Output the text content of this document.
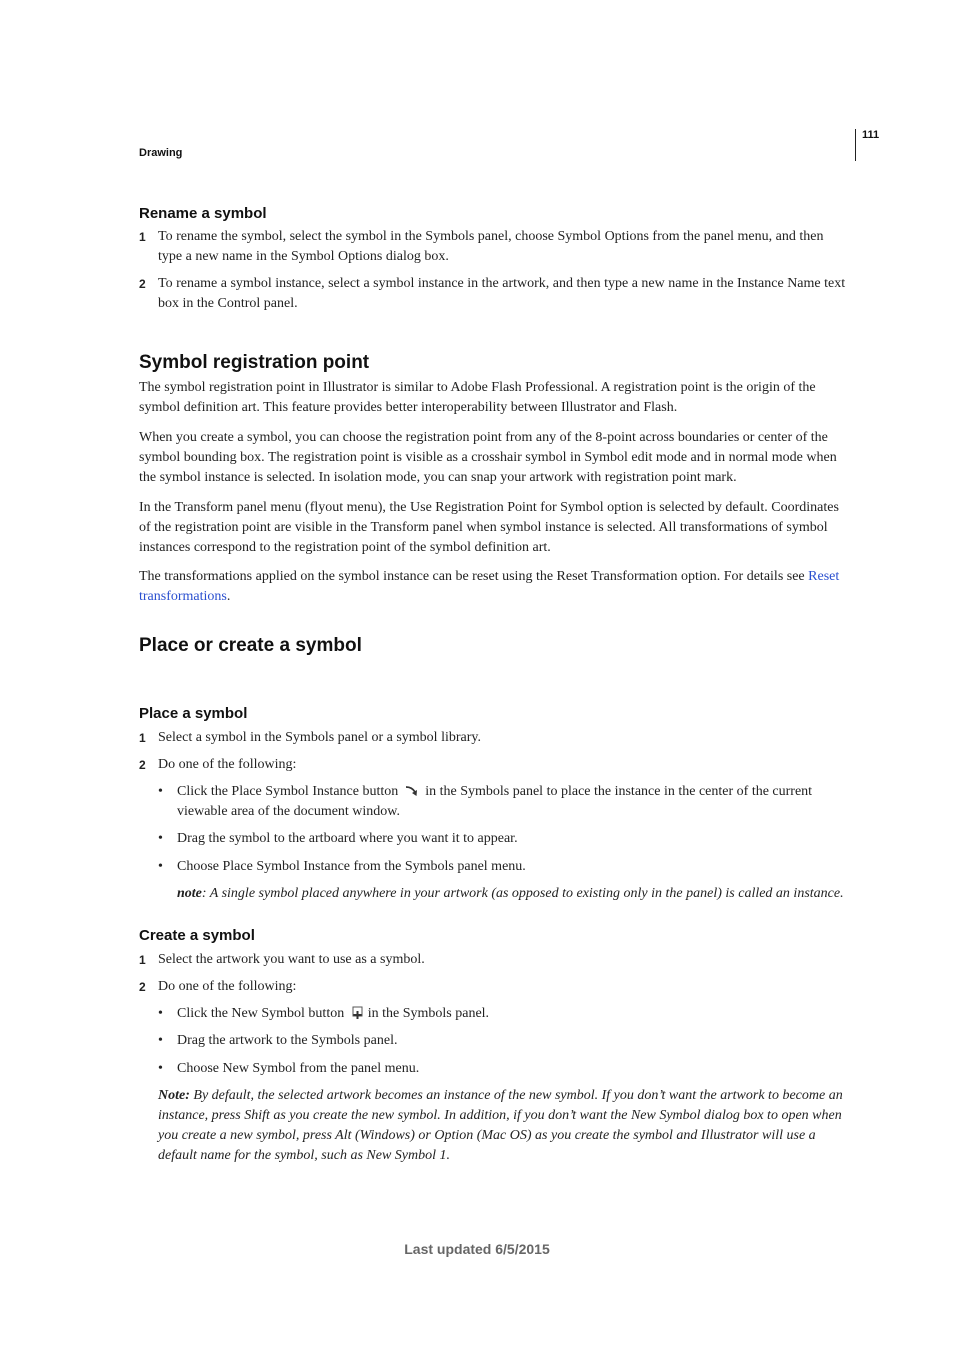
Drawing
111
Rename a symbol
1 To rename the symbol, select the symbol in the Symbols panel, choose Symbol Options from the panel menu, and then type a new name in the Symbol Options dialog box.
2 To rename a symbol instance, select a symbol instance in the artwork, and then type a new name in the Instance Name text box in the Control panel.
Symbol registration point

The symbol registration point in Illustrator is similar to Adobe Flash Professional. A registration point is the origin of the symbol definition art. This feature provides better interoperability between Illustrator and Flash.

When you create a symbol, you can choose the registration point from any of the 8-point across boundaries or center of the symbol bounding box. The registration point is visible as a crosshair symbol in Symbol edit mode and in normal mode when the symbol instance is selected. In isolation mode, you can snap your artwork with registration point mark.

In the Transform panel menu (flyout menu), the Use Registration Point for Symbol option is selected by default. Coordinates of the registration point are visible in the Transform panel when symbol instance is selected. All transformations of symbol instances correspond to the registration point of the symbol definition art.

The transformations applied on the symbol instance can be reset using the Reset Transformation option. For details see Reset transformations.

Place or create a symbol
Place a symbol
1 Select a symbol in the Symbols panel or a symbol library.
2 Do one of the following:
•	Click the Place Symbol Instance button  in the Symbols panel to place the instance in the center of the current viewable area of the document window.
•	Drag the symbol to the artboard where you want it to appear.
•	Choose Place Symbol Instance from the Symbols panel menu.
note: A single symbol placed anywhere in your artwork (as opposed to existing only in the panel) is called an instance.
Create a symbol
1 Select the artwork you want to use as a symbol.
2 Do one of the following:
•	Click the New Symbol button in the Symbols panel.
•	Drag the artwork to the Symbols panel.
•	Choose New Symbol from the panel menu.
Note: By default, the selected artwork becomes an instance of the new symbol. If you don’t want the artwork to become an instance, press Shift as you create the new symbol. In addition, if you don’t want the New Symbol dialog box to open when you create a new symbol, press Alt (Windows) or Option (Mac OS) as you create the symbol and Illustrator will use a default name for the symbol, such as New Symbol 1.
Last updated 6/5/2015
